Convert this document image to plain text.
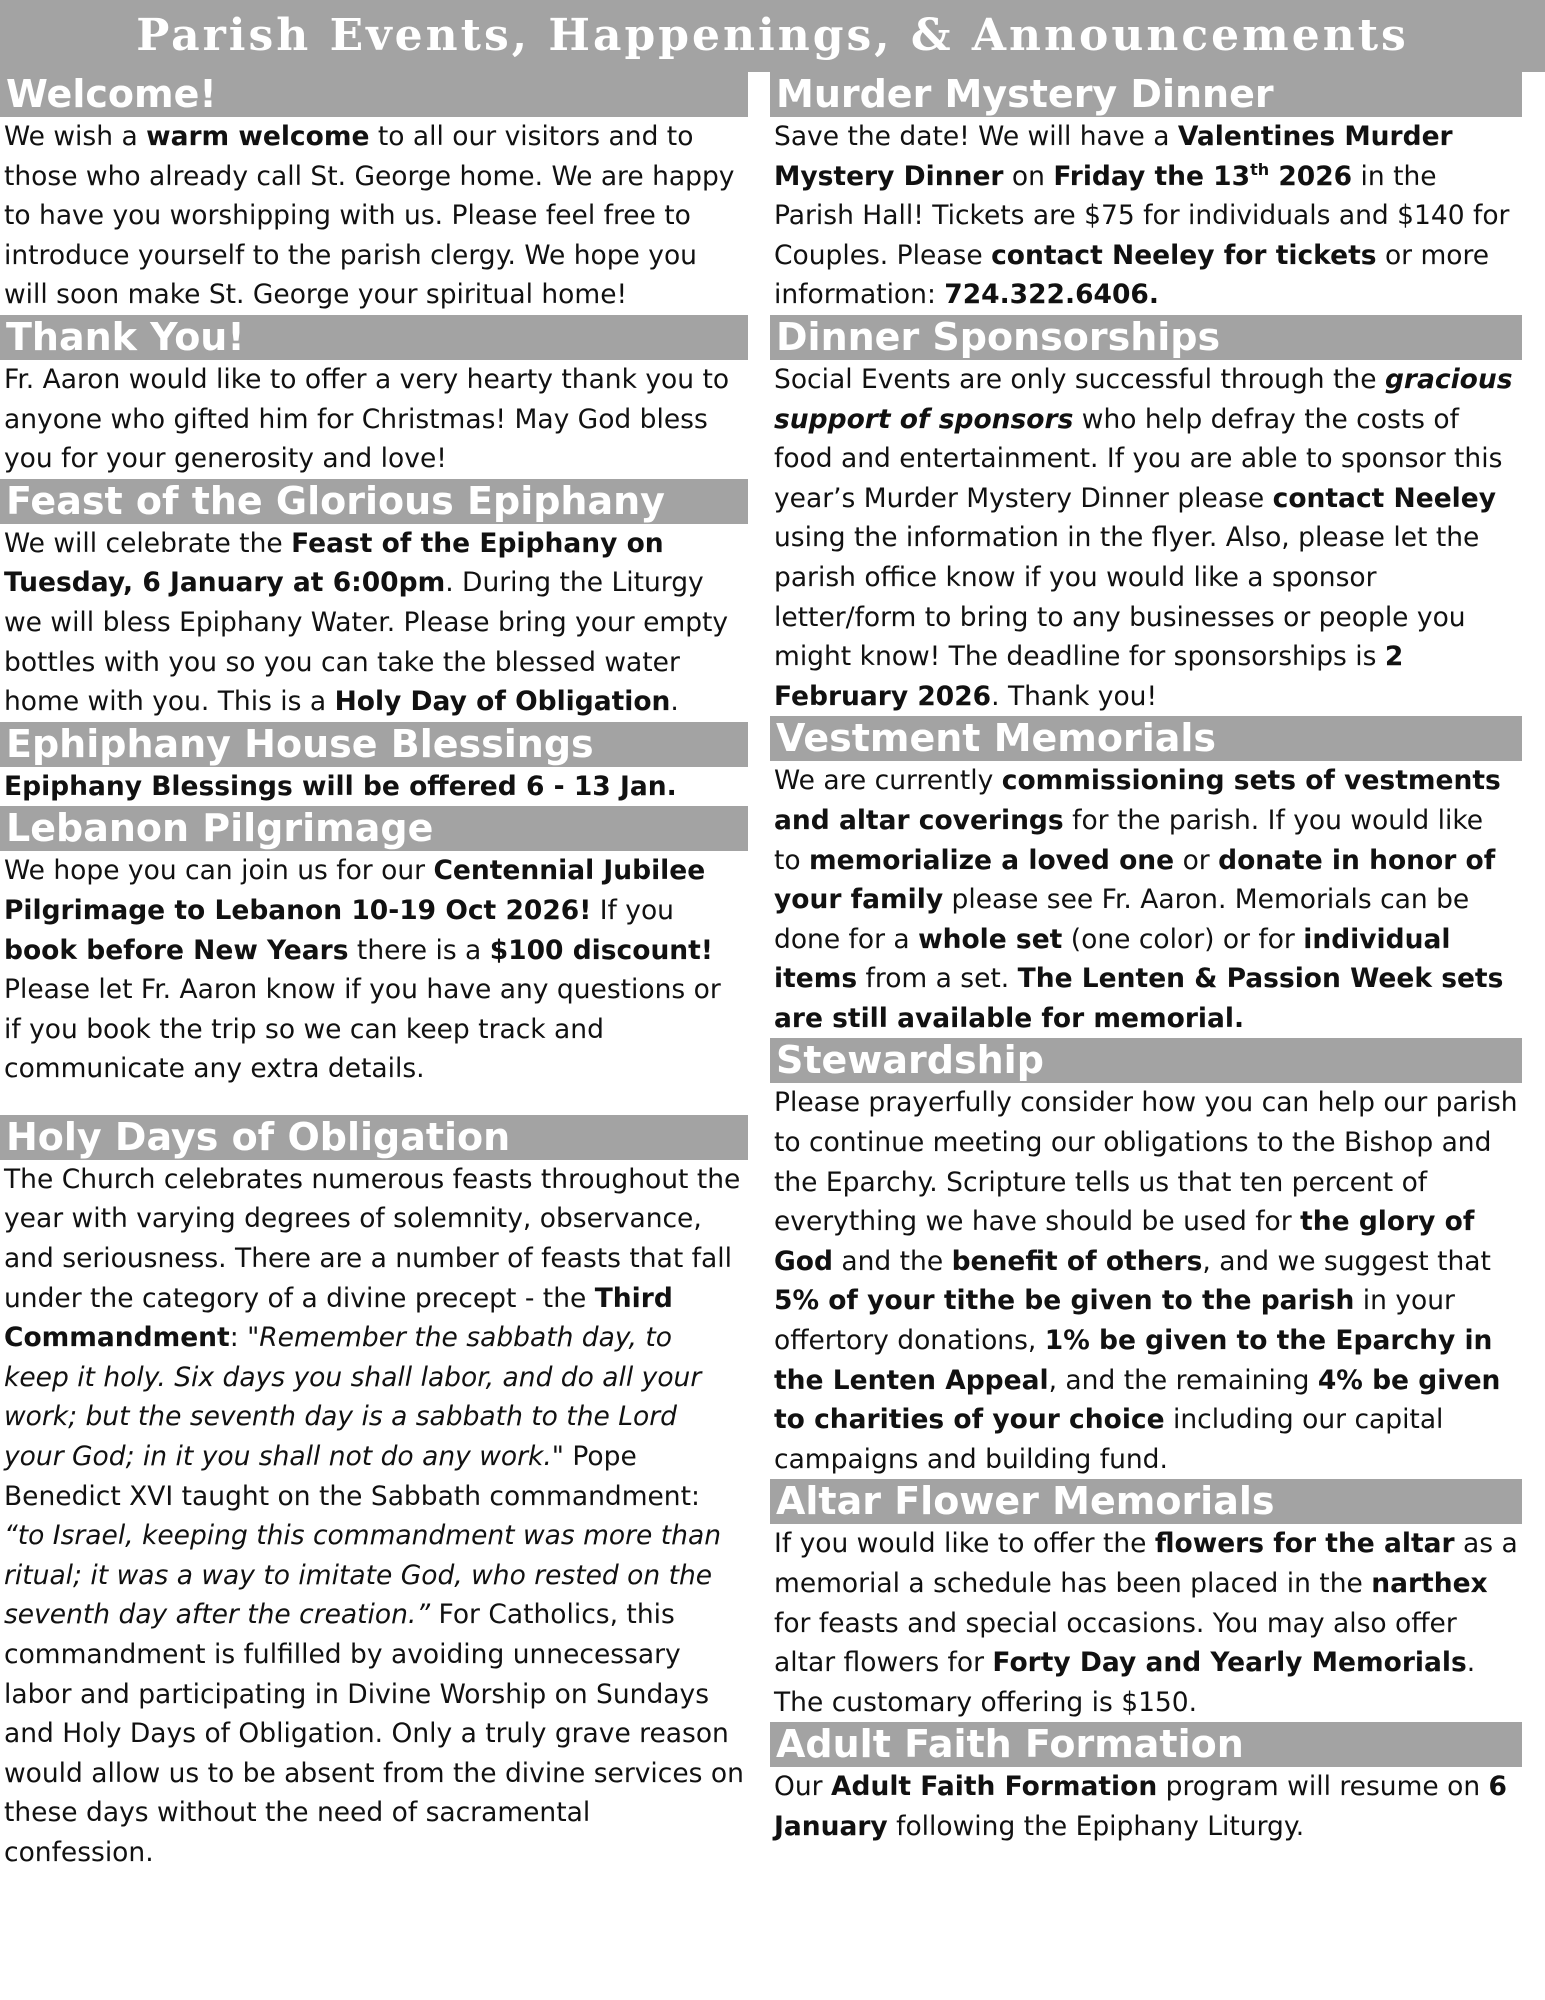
Parish Events, Happenings, & Announcements
Welcome!
We wish a warm welcome to all our visitors and to those who already call St. George home. We are happy to have you worshipping with us. Please feel free to introduce yourself to the parish clergy. We hope you will soon make St. George your spiritual home!
Thank You!
Fr. Aaron would like to offer a very hearty thank you to anyone who gifted him for Christmas! May God bless you for your generosity and love!
Feast of the Glorious Epiphany
We will celebrate the Feast of the Epiphany on Tuesday, 6 January at 6:00pm. During the Liturgy we will bless Epiphany Water. Please bring your empty bottles with you so you can take the blessed water home with you. This is a Holy Day of Obligation.
Ephiphany House Blessings
Epiphany Blessings will be offered 6 - 13 Jan.
Lebanon Pilgrimage
We hope you can join us for our Centennial Jubilee Pilgrimage to Lebanon 10-19 Oct 2026! If you book before New Years there is a $100 discount! Please let Fr. Aaron know if you have any questions or if you book the trip so we can keep track and communicate any extra details.
Holy Days of Obligation
The Church celebrates numerous feasts throughout the year with varying degrees of solemnity, observance, and seriousness. There are a number of feasts that fall under the category of a divine precept - the Third Commandment: "Remember the sabbath day, to keep it holy. Six days you shall labor, and do all your work; but the seventh day is a sabbath to the Lord your God; in it you shall not do any work." Pope Benedict XVI taught on the Sabbath commandment: “to Israel, keeping this commandment was more than ritual; it was a way to imitate God, who rested on the seventh day after the creation.” For Catholics, this commandment is fulfilled by avoiding unnecessary labor and participating in Divine Worship on Sundays and Holy Days of Obligation. Only a truly grave reason would allow us to be absent from the divine services on these days without the need of sacramental confession.
Murder Mystery Dinner
Save the date! We will have a Valentines Murder Mystery Dinner on Friday the 13th 2026 in the Parish Hall! Tickets are $75 for individuals and $140 for Couples. Please contact Neeley for tickets or more information: 724.322.6406.
Dinner Sponsorships
Social Events are only successful through the gracious support of sponsors who help defray the costs of food and entertainment. If you are able to sponsor this year’s Murder Mystery Dinner please contact Neeley using the information in the flyer. Also, please let the parish office know if you would like a sponsor letter/form to bring to any businesses or people you might know! The deadline for sponsorships is 2 February 2026. Thank you!
Vestment Memorials
We are currently commissioning sets of vestments and altar coverings for the parish. If you would like to memorialize a loved one or donate in honor of your family please see Fr. Aaron. Memorials can be done for a whole set (one color) or for individual items from a set. The Lenten & Passion Week sets are still available for memorial.
Stewardship
Please prayerfully consider how you can help our parish to continue meeting our obligations to the Bishop and the Eparchy. Scripture tells us that ten percent of everything we have should be used for the glory of God and the benefit of others, and we suggest that 5% of your tithe be given to the parish in your offertory donations, 1% be given to the Eparchy in the Lenten Appeal, and the remaining 4% be given to charities of your choice including our capital campaigns and building fund.
Altar Flower Memorials
If you would like to offer the flowers for the altar as a memorial a schedule has been placed in the narthex for feasts and special occasions. You may also offer altar flowers for Forty Day and Yearly Memorials. The customary offering is $150.
Adult Faith Formation
Our Adult Faith Formation program will resume on 6 January following the Epiphany Liturgy.
